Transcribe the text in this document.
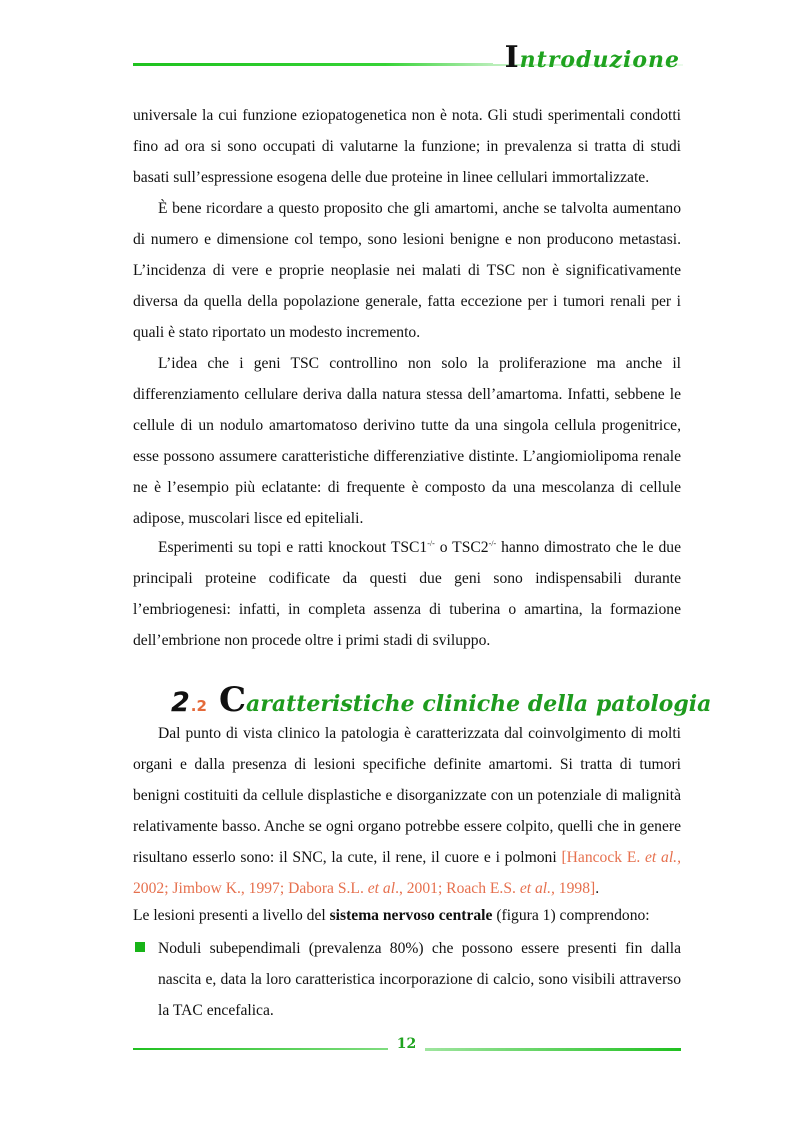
Introduzione

universale la cui funzione eziopatogenetica non è nota. Gli studi sperimentali condotti fino ad ora si sono occupati di valutarne la funzione; in prevalenza si tratta di studi basati sull’espressione esogena delle due proteine in linee cellulari immortalizzate.

È bene ricordare a questo proposito che gli amartomi, anche se talvolta aumentano di numero e dimensione col tempo, sono lesioni benigne e non producono metastasi. L’incidenza di vere e proprie neoplasie nei malati di TSC non è significativamente diversa da quella della popolazione generale, fatta eccezione per i tumori renali per i quali è stato riportato un modesto incremento.

L’idea che i geni TSC controllino non solo la proliferazione ma anche il differenziamento cellulare deriva dalla natura stessa dell’amartoma. Infatti, sebbene le cellule di un nodulo amartomatoso derivino tutte da una singola cellula progenitrice, esse possono assumere caratteristiche differenziative distinte. L’angiomiolipoma renale ne è l’esempio più eclatante: di frequente è composto da una mescolanza di cellule adipose, muscolari lisce ed epiteliali.

Esperimenti su topi e ratti knockout TSC1-/- o TSC2-/- hanno dimostrato che le due principali proteine codificate da questi due geni sono indispensabili durante l’embriogenesi: infatti, in completa assenza di tuberina o amartina, la formazione dell’embrione non procede oltre i primi stadi di sviluppo.

2.2 Caratteristiche cliniche della patologia

Dal punto di vista clinico la patologia è caratterizzata dal coinvolgimento di molti organi e dalla presenza di lesioni specifiche definite amartomi. Si tratta di tumori benigni costituiti da cellule displastiche e disorganizzate con un potenziale di malignità relativamente basso. Anche se ogni organo potrebbe essere colpito, quelli che in genere risultano esserlo sono: il SNC, la cute, il rene, il cuore e i polmoni [Hancock E. et al., 2002; Jimbow K., 1997; Dabora S.L. et al., 2001; Roach E.S. et al., 1998].

Le lesioni presenti a livello del sistema nervoso centrale (figura 1) comprendono:

Noduli subependimali (prevalenza 80%) che possono essere presenti fin dalla nascita e, data la loro caratteristica incorporazione di calcio, sono visibili attraverso la TAC encefalica.

12
